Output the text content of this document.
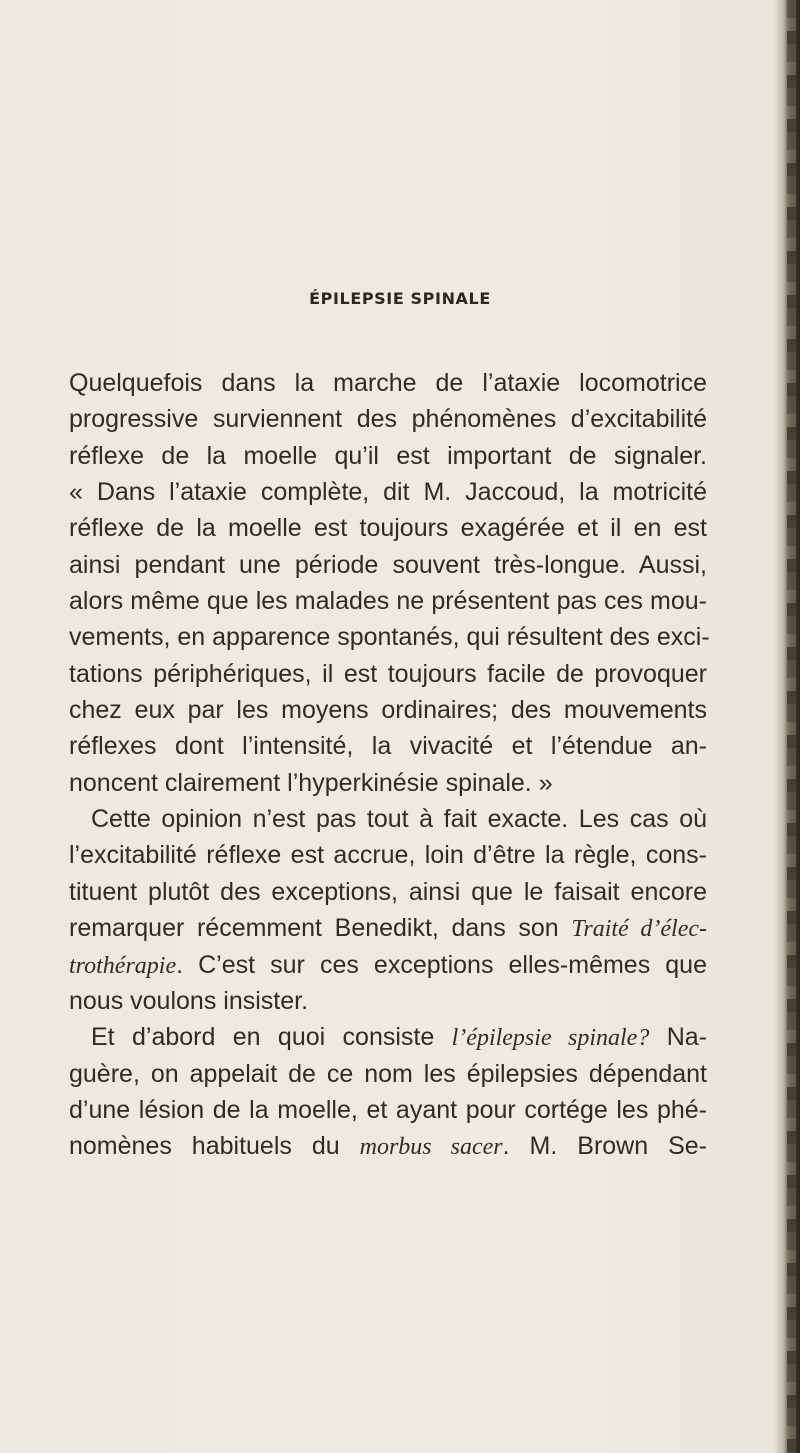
ÉPILEPSIE SPINALE
Quelquefois dans la marche de l’ataxie locomotrice
progressive surviennent des phénomènes d’excitabilité
réflexe de la moelle qu’il est important de signaler.
« Dans l’ataxie complète, dit M. Jaccoud, la motricité
réflexe de la moelle est toujours exagérée et il en est
ainsi pendant une période souvent très-longue. Aussi,
alors même que les malades ne présentent pas ces mou-
vements, en apparence spontanés, qui résultent des exci-
tations périphériques, il est toujours facile de provoquer
chez eux par les moyens ordinaires; des mouvements
réflexes dont l’intensité, la vivacité et l’étendue an-
noncent clairement l’hyperkinésie spinale. »
Cette opinion n’est pas tout à fait exacte. Les cas où
l’excitabilité réflexe est accrue, loin d’être la règle, cons-
tituent plutôt des exceptions, ainsi que le faisait encore
remarquer récemment Benedikt, dans son Traité d’élec-
trothérapie. C’est sur ces exceptions elles-mêmes que
nous voulons insister.
Et d’abord en quoi consiste l’épilepsie spinale? Na-
guère, on appelait de ce nom les épilepsies dépendant
d’une lésion de la moelle, et ayant pour cortége les phé-
nomènes habituels du morbus sacer. M. Brown Se-
